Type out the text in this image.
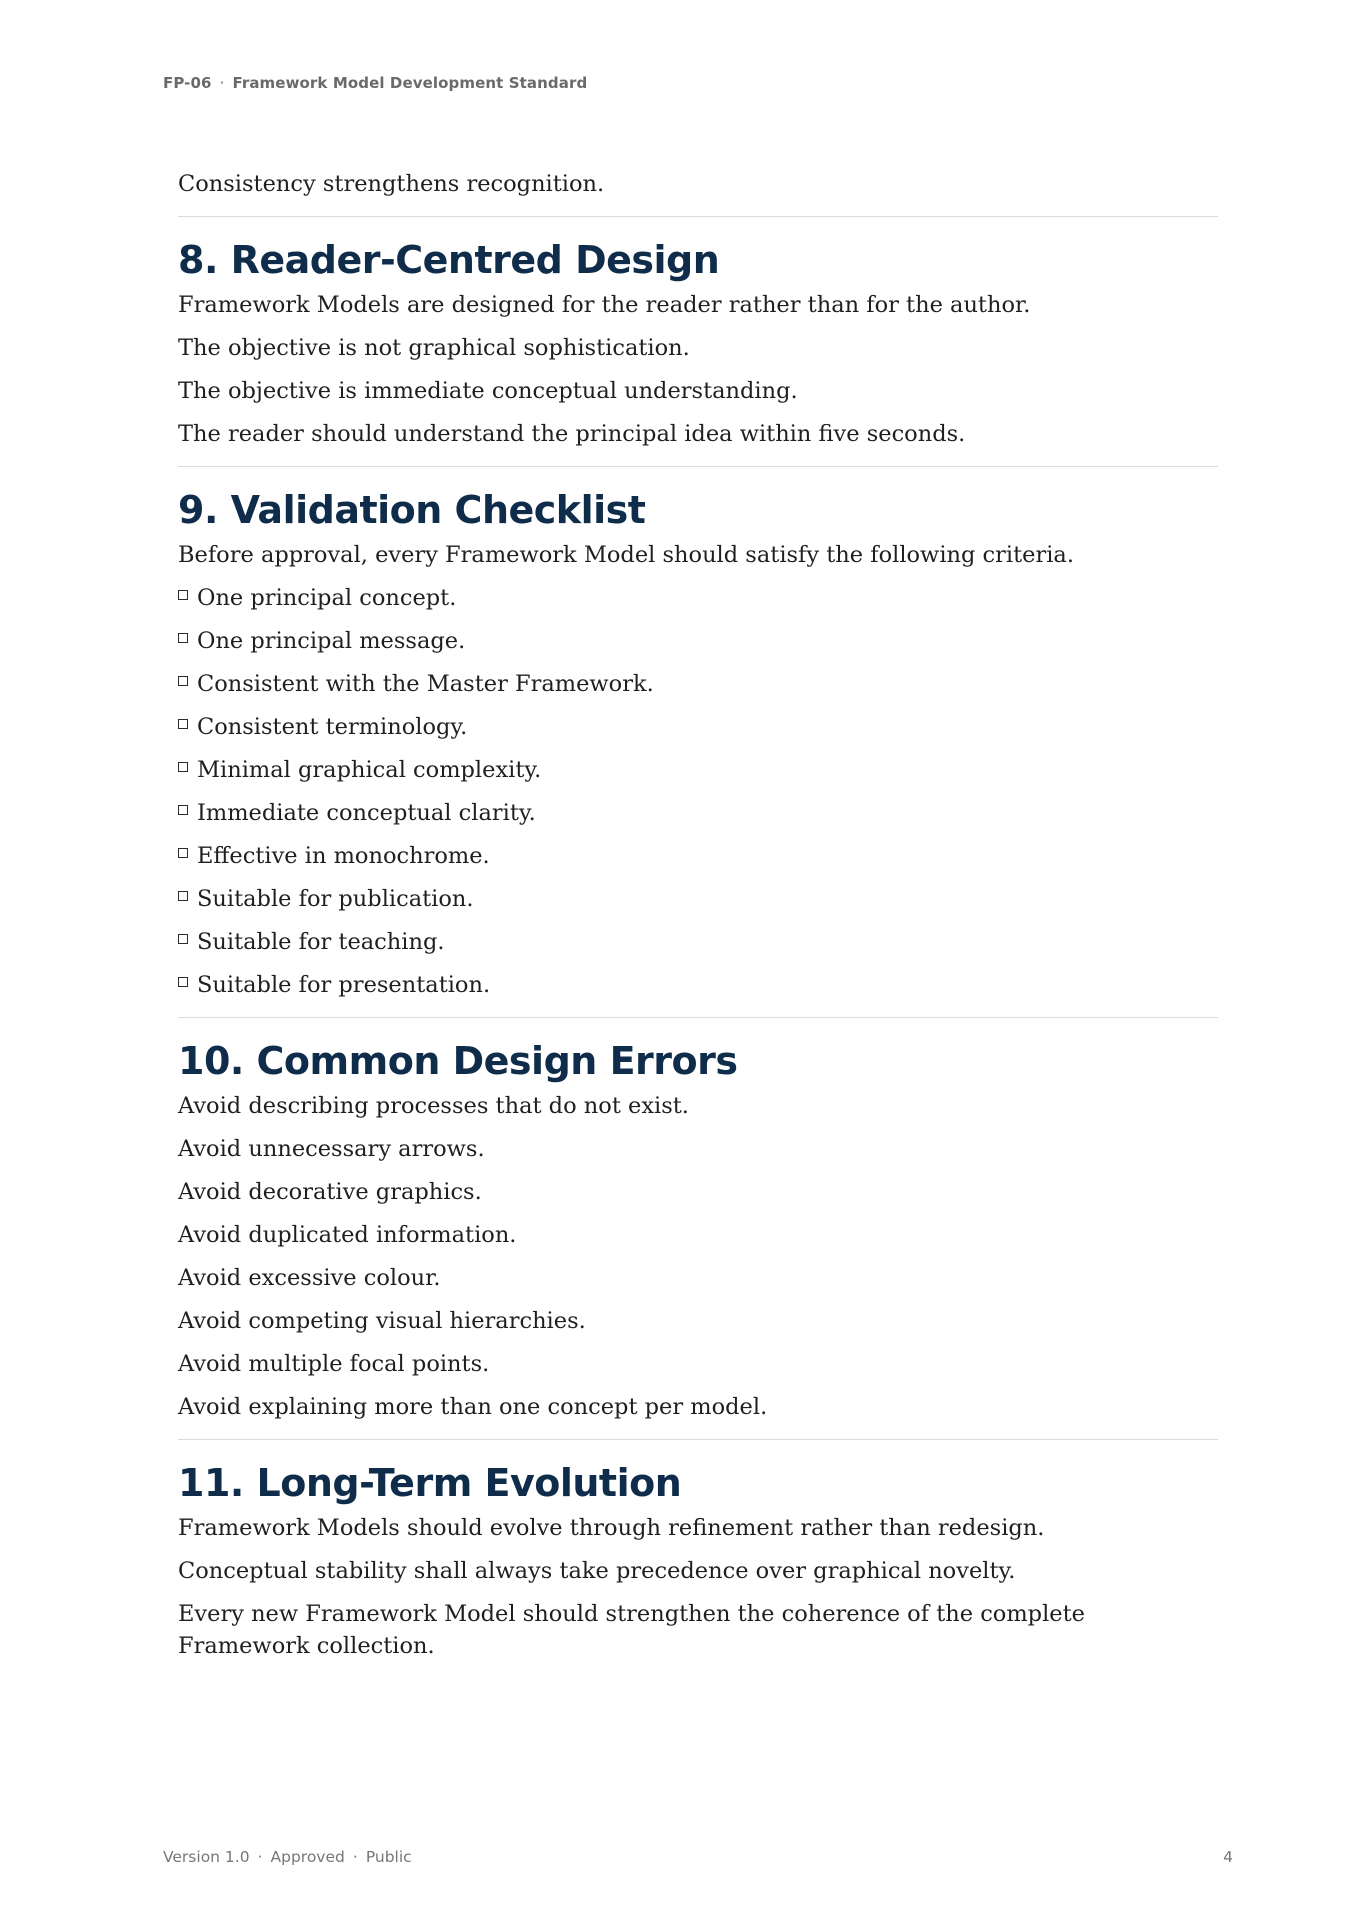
FP-06 · Framework Model Development Standard

Consistency strengthens recognition.

8. Reader-Centred Design

Framework Models are designed for the reader rather than for the author.

The objective is not graphical sophistication.

The objective is immediate conceptual understanding.

The reader should understand the principal idea within five seconds.

9. Validation Checklist

Before approval, every Framework Model should satisfy the following criteria.

One principal concept.
One principal message.
Consistent with the Master Framework.
Consistent terminology.
Minimal graphical complexity.
Immediate conceptual clarity.
Effective in monochrome.
Suitable for publication.
Suitable for teaching.
Suitable for presentation.
10. Common Design Errors

Avoid describing processes that do not exist.

Avoid unnecessary arrows.

Avoid decorative graphics.

Avoid duplicated information.

Avoid excessive colour.

Avoid competing visual hierarchies.

Avoid multiple focal points.

Avoid explaining more than one concept per model.

11. Long-Term Evolution

Framework Models should evolve through refinement rather than redesign.

Conceptual stability shall always take precedence over graphical novelty.

Every new Framework Model should strengthen the coherence of the complete Framework collection.

Version 1.0 · Approved · Public	4
